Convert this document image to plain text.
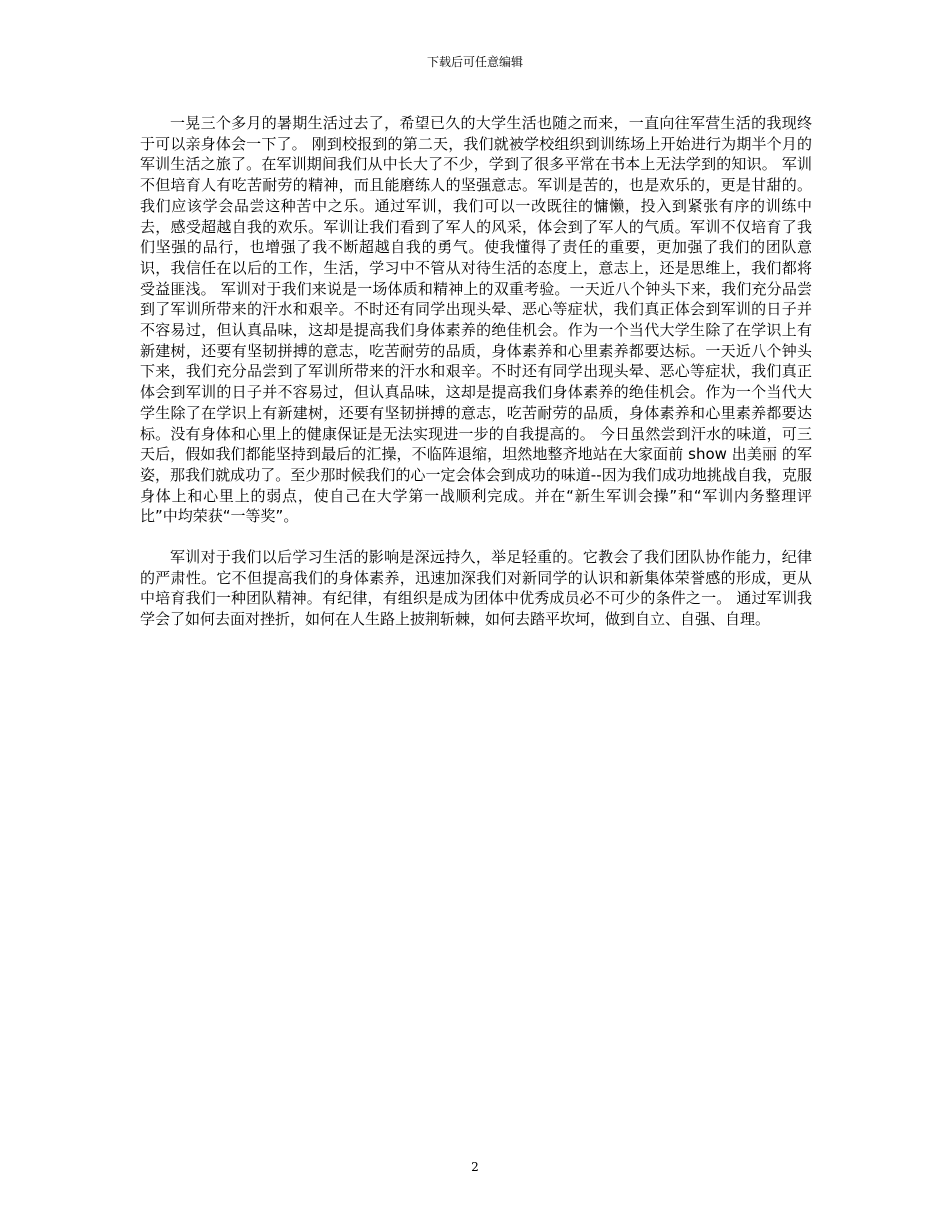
下载后可任意编辑

一晃三个多月的暑期生活过去了，希望已久的大学生活也随之而来，一直向往军营生活的我现终于可以亲身体会一下了。 刚到校报到的第二天，我们就被学校组织到训练场上开始进行为期半个月的军训生活之旅了。在军训期间我们从中长大了不少，学到了很多平常在书本上无法学到的知识。 军训不但培育人有吃苦耐劳的精神，而且能磨练人的坚强意志。军训是苦的，也是欢乐的，更是甘甜的。我们应该学会品尝这种苦中之乐。通过军训，我们可以一改既往的慵懒，投入到紧张有序的训练中去，感受超越自我的欢乐。军训让我们看到了军人的风采，体会到了军人的气质。军训不仅培育了我们坚强的品行，也增强了我不断超越自我的勇气。使我懂得了责任的重要，更加强了我们的团队意识，我信任在以后的工作，生活，学习中不管从对待生活的态度上，意志上，还是思维上，我们都将受益匪浅。 军训对于我们来说是一场体质和精神上的双重考验。一天近八个钟头下来，我们充分品尝到了军训所带来的汗水和艰辛。不时还有同学出现头晕、恶心等症状，我们真正体会到军训的日子并不容易过，但认真品味，这却是提高我们身体素养的绝佳机会。作为一个当代大学生除了在学识上有新建树，还要有坚韧拼搏的意志，吃苦耐劳的品质，身体素养和心里素养都要达标。一天近八个钟头下来，我们充分品尝到了军训所带来的汗水和艰辛。不时还有同学出现头晕、恶心等症状，我们真正体会到军训的日子并不容易过，但认真品味，这却是提高我们身体素养的绝佳机会。作为一个当代大学生除了在学识上有新建树，还要有坚韧拼搏的意志，吃苦耐劳的品质，身体素养和心里素养都要达标。没有身体和心里上的健康保证是无法实现进一步的自我提高的。 今日虽然尝到汗水的味道，可三天后，假如我们都能坚持到最后的汇操，不临阵退缩，坦然地整齐地站在大家面前 show 出美丽 的军姿，那我们就成功了。至少那时候我们的心一定会体会到成功的味道--因为我们成功地挑战自我，克服身体上和心里上的弱点，使自己在大学第一战顺利完成。并在“新生军训会操”和“军训内务整理评比”中均荣获“一等奖”。

军训对于我们以后学习生活的影响是深远持久，举足轻重的。它教会了我们团队协作能力，纪律的严肃性。它不但提高我们的身体素养，迅速加深我们对新同学的认识和新集体荣誉感的形成，更从中培育我们一种团队精神。有纪律，有组织是成为团体中优秀成员必不可少的条件之一。 通过军训我学会了如何去面对挫折，如何在人生路上披荆斩棘，如何去踏平坎坷，做到自立、自强、自理。

2
